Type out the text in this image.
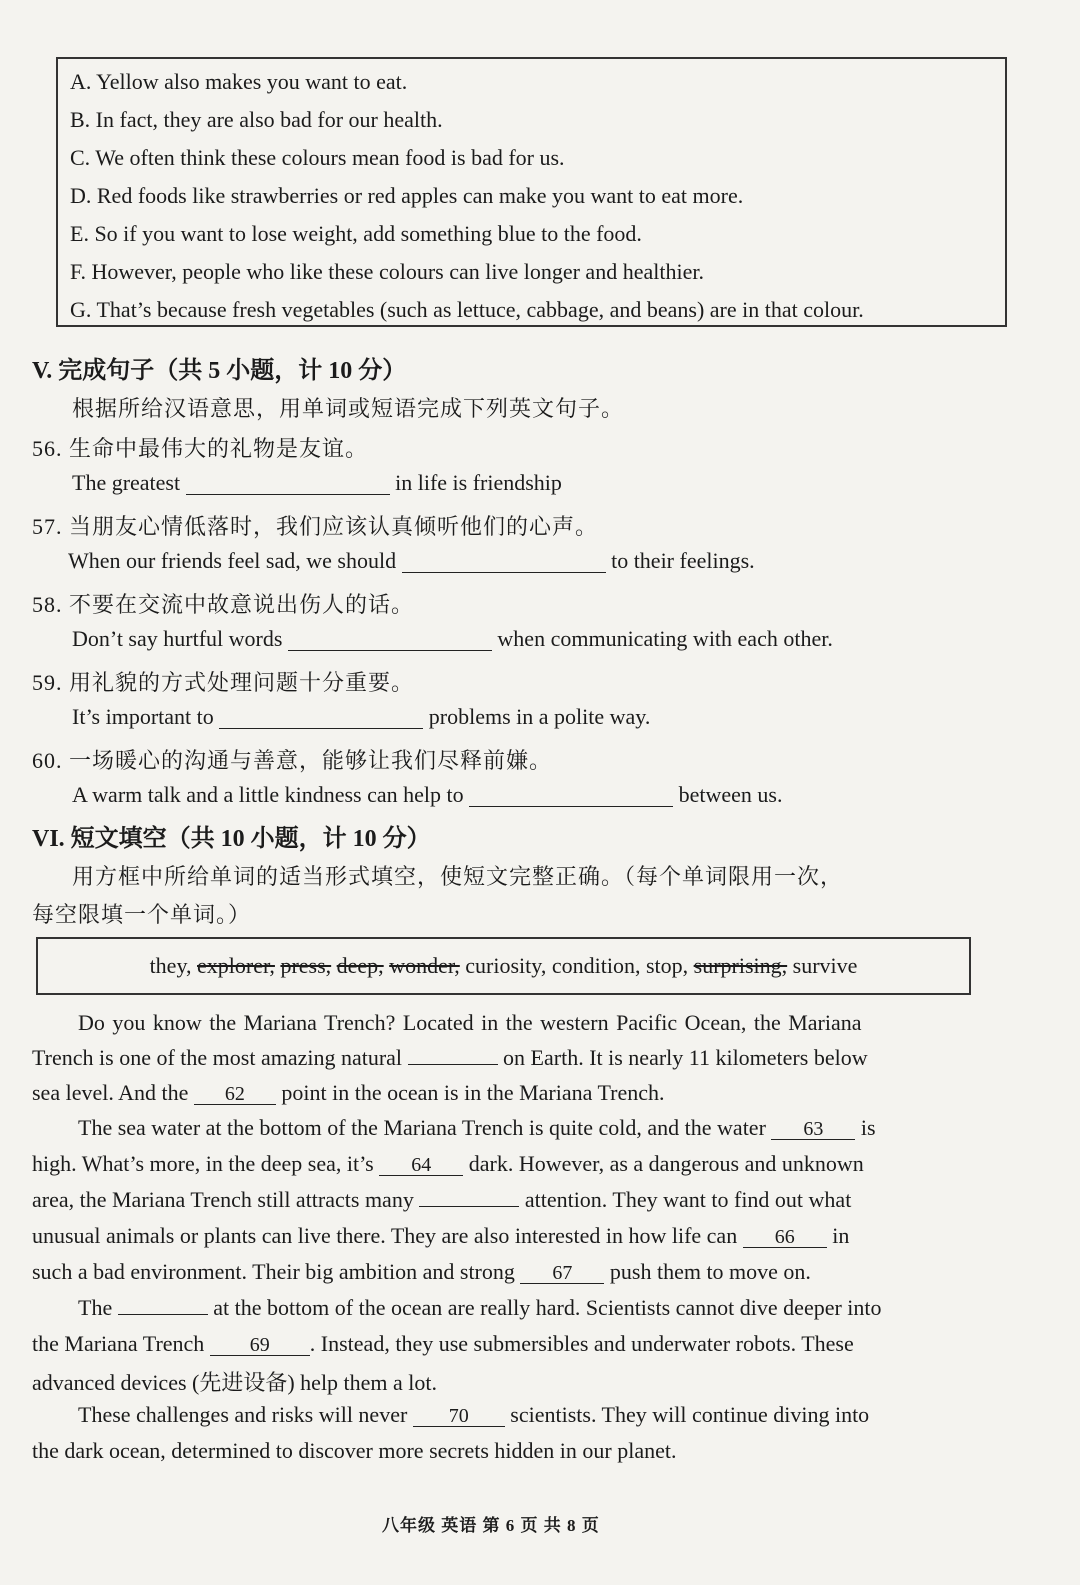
A. Yellow also makes you want to eat.
B. In fact, they are also bad for our health.
C. We often think these colours mean food is bad for us.
D. Red foods like strawberries or red apples can make you want to eat more.
E. So if you want to lose weight, add something blue to the food.
F. However, people who like these colours can live longer and healthier.
G. That’s because fresh vegetables (such as lettuce, cabbage, and beans) are in that colour.
V. 完成句子（共 5 小题，计 10 分）
根据所给汉语意思，用单词或短语完成下列英文句子。
56. 生命中最伟大的礼物是友谊。
The greatest	in life is friendship
57. 当朋友心情低落时，我们应该认真倾听他们的心声。
When our friends feel sad, we should	to their feelings.
58. 不要在交流中故意说出伤人的话。
Don’t say hurtful words	when communicating with each other.
59. 用礼貌的方式处理问题十分重要。
It’s important to	problems in a polite way.
60. 一场暖心的沟通与善意，能够让我们尽释前嫌。
A warm talk and a little kindness can help to	between us.
VI. 短文填空（共 10 小题，计 10 分）
用方框中所给单词的适当形式填空，使短文完整正确。（每个单词限用一次，
每空限填一个单词。）
they, explorer, press, deep, wonder, curiosity, condition, stop, surprising, survive
Do you know the Mariana Trench? Located in the western Pacific Ocean, the Mariana
Trench is one of the most amazing natural	on Earth. It is nearly 11 kilometers below
sea level. And the 62 point in the ocean is in the Mariana Trench.
The sea water at the bottom of the Mariana Trench is quite cold, and the water 63 is
high. What’s more, in the deep sea, it’s 64 dark. However, as a dangerous and unknown
area, the Mariana Trench still attracts many	attention. They want to find out what
unusual animals or plants can live there. They are also interested in how life can 66 in
such a bad environment. Their big ambition and strong 67 push them to move on.
The	at the bottom of the ocean are really hard. Scientists cannot dive deeper into
the Mariana Trench 69 . Instead, they use submersibles and underwater robots. These
advanced devices (先进设备) help them a lot.
These challenges and risks will never 70 scientists. They will continue diving into
the dark ocean, determined to discover more secrets hidden in our planet.
八年级 英语 第 6 页 共 8 页
